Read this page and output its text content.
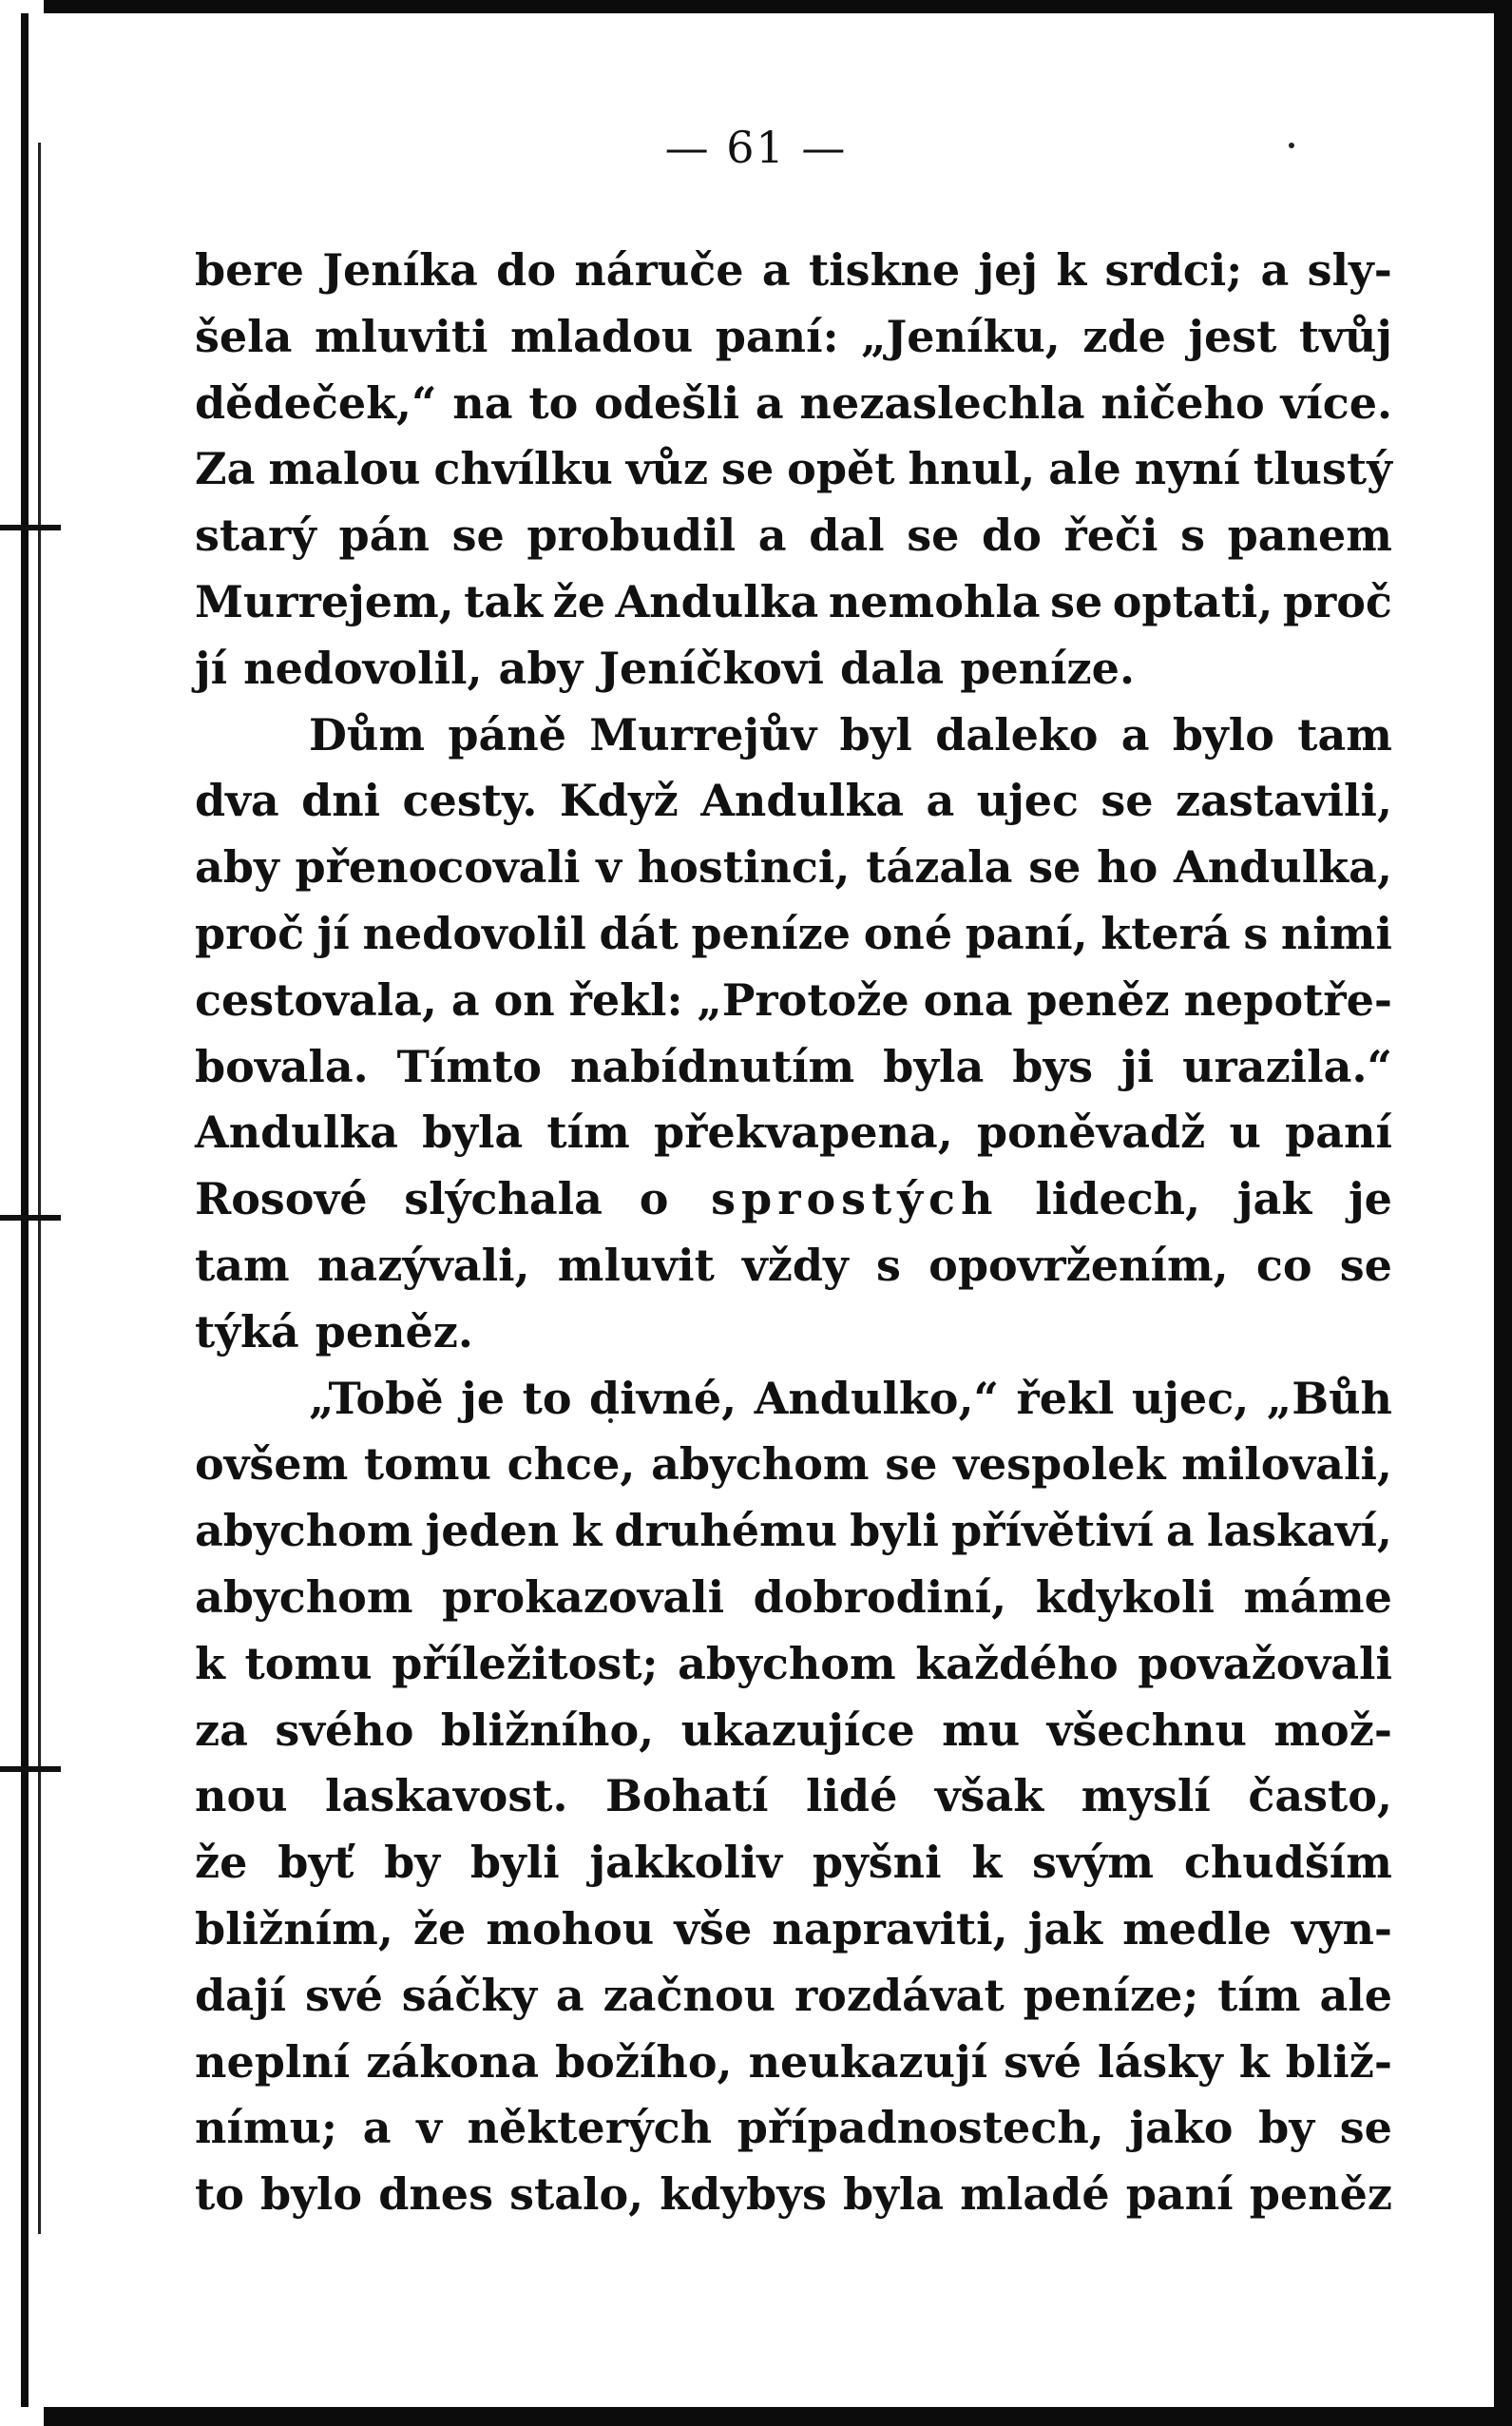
— 61 —
bere Jeníka do náruče a tiskne jej k srdci; a sly-
šela mluviti mladou paní: „Jeníku, zde jest tvůj
dědeček,“ na to odešli a nezaslechla ničeho více.
Za malou chvílku vůz se opět hnul, ale nyní tlustý
starý pán se probudil a dal se do řeči s panem
Murrejem, tak že Andulka nemohla se optati, proč
jí nedovolil, aby Jeníčkovi dala peníze.
Dům páně Murrejův byl daleko a bylo tam
dva dni cesty. Když Andulka a ujec se zastavili,
aby přenocovali v hostinci, tázala se ho Andulka,
proč jí nedovolil dát peníze oné paní, která s nimi
cestovala, a on řekl: „Protože ona peněz nepotře-
bovala. Tímto nabídnutím byla bys ji urazila.“
Andulka byla tím překvapena, poněvadž u paní
Rosové slýchala o sprostých lidech, jak je
tam nazývali, mluvit vždy s opovržením, co se
týká peněz.
„Tobě je to divné, Andulko,“ řekl ujec, „Bůh
ovšem tomu chce, abychom se vespolek milovali,
abychom jeden k druhému byli přívětiví a laskaví,
abychom prokazovali dobrodiní, kdykoli máme
k tomu příležitost; abychom každého považovali
za svého bližního, ukazujíce mu všechnu mož-
nou laskavost. Bohatí lidé však myslí často,
že byť by byli jakkoliv pyšni k svým chudším
bližním, že mohou vše napraviti, jak medle vyn-
dají své sáčky a začnou rozdávat peníze; tím ale
neplní zákona božího, neukazují své lásky k bliž-
nímu; a v některých případnostech, jako by se
to bylo dnes stalo, kdybys byla mladé paní peněz
